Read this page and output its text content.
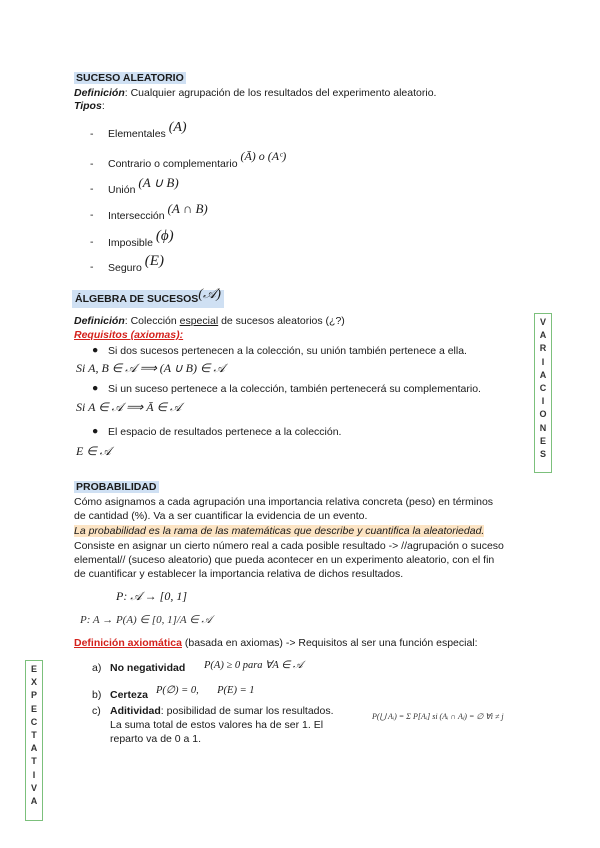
SUCESO ALEATORIO
Definición: Cualquier agrupación de los resultados del experimento aleatorio.
Tipos:
- Elementales (A)
- Contrario o complementario (Ā) o (Aᶜ)
- Unión (A ∪ B)
- Intersección (A ∩ B)
- Imposible (ϕ)
- Seguro (E)
ÁLGEBRA DE SUCESOS(𝒜)
Definición: Colección especial de sucesos aleatorios (¿?)
Requisitos (axiomas):
● Si dos sucesos pertenecen a la colección, su unión también pertenece a ella.
Si A, B ∈ 𝒜 ⟹ (A ∪ B) ∈ 𝒜
● Si un suceso pertenece a la colección, también pertenecerá su complementario.
Si A ∈ 𝒜 ⟹ Ā ∈ 𝒜
● El espacio de resultados pertenece a la colección.
E ∈ 𝒜
V
A
R
I
A
C
I
O
N
E
S
PROBABILIDAD
Cómo asignamos a cada agrupación una importancia relativa concreta (peso) en términos
de cantidad (%). Va a ser cuantificar la evidencia de un evento.
La probabilidad es la rama de las matemáticas que describe y cuantifica la aleatoriedad.
Consiste en asignar un cierto número real a cada posible resultado -> //agrupación o suceso
elemental// (suceso aleatorio) que pueda acontecer en un experimento aleatorio, con el fin
de cuantificar y establecer la importancia relativa de dichos resultados.
P: 𝒜 → [0, 1]
P: A → P(A) ∈ [0, 1]/A ∈ 𝒜
Definición axiomática (basada en axiomas) -> Requisitos al ser una función especial:
a) No negatividad P(A) ≥ 0 para ∀A ∈ 𝒜
b) Certeza P(∅) = 0,       P(E) = 1
c) Aditividad: posibilidad de sumar los resultados.
La suma total de estos valores ha de ser 1. El
reparto va de 0 a 1.
P(⋃ Aᵢ) = Σ P[Aᵢ] si (Aᵢ ∩ Aⱼ) = ∅ ∀i ≠ j
E
X
P
E
C
T
A
T
I
V
A
